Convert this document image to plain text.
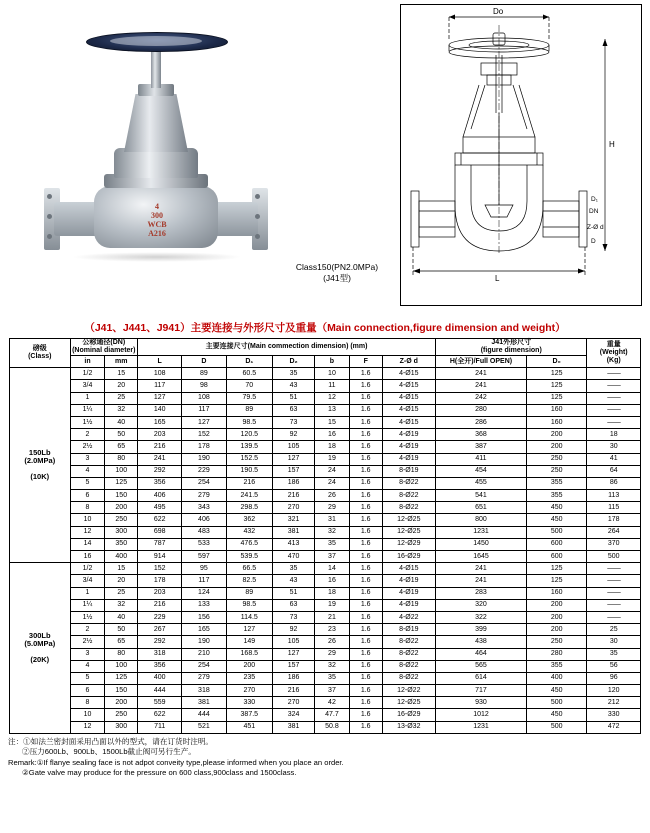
4
300
WCB
A216
Class150(PN2.0MPa)
(J41型)
Do
H
D₁
DN
Z-Ø d
D
L
（J41、J441、J941）主要连接与外形尺寸及重量（Main connection,figure dimension and weight）
磅级
(Class)

公称通径(DN)
(Nominal diameter)
	主要连接尺寸(Main commection dimension) (mm)	
J41外形尺寸
(figure dimension)

重量
(Weight)
(Kg)

	in	mm	L	D	D₁	D₂	b	F	Z-Ø d	H(全开)/Full OPEN)	D₀	

150Lb
(2.0MPa)

(10K)	1/2	15	108	89	60.5	35	10	1.6	4-Ø15	241	125	——
	3/4	20	117	98	70	43	11	1.6	4-Ø15	241	125	——
	1	25	127	108	79.5	51	12	1.6	4-Ø15	242	125	——
	1¼	32	140	117	89	63	13	1.6	4-Ø15	280	160	——
	1½	40	165	127	98.5	73	15	1.6	4-Ø15	286	160	——
	2	50	203	152	120.5	92	16	1.6	4-Ø19	368	200	18
	2½	65	216	178	139.5	105	18	1.6	4-Ø19	387	200	30
	3	80	241	190	152.5	127	19	1.6	4-Ø19	411	250	41
	4	100	292	229	190.5	157	24	1.6	8-Ø19	454	250	64
	5	125	356	254	216	186	24	1.6	8-Ø22	455	355	86
	6	150	406	279	241.5	216	26	1.6	8-Ø22	541	355	113
	8	200	495	343	298.5	270	29	1.6	8-Ø22	651	450	115
	10	250	622	406	362	321	31	1.6	12-Ø25	800	450	178
	12	300	698	483	432	381	32	1.6	12-Ø25	1231	500	264
	14	350	787	533	476.5	413	35	1.6	12-Ø29	1450	600	370
	16	400	914	597	539.5	470	37	1.6	16-Ø29	1645	600	500

300Lb
(5.0MPa)

(20K)	1/2	15	152	95	66.5	35	14	1.6	4-Ø15	241	125	——
	3/4	20	178	117	82.5	43	16	1.6	4-Ø19	241	125	——
	1	25	203	124	89	51	18	1.6	4-Ø19	283	160	——
	1¼	32	216	133	98.5	63	19	1.6	4-Ø19	320	200	——
	1½	40	229	156	114.5	73	21	1.6	4-Ø22	322	200	——
	2	50	267	165	127	92	23	1.6	8-Ø19	399	200	25
	2½	65	292	190	149	105	26	1.6	8-Ø22	438	250	30
	3	80	318	210	168.5	127	29	1.6	8-Ø22	464	280	35
	4	100	356	254	200	157	32	1.6	8-Ø22	565	355	56
	5	125	400	279	235	186	35	1.6	8-Ø22	614	400	96
	6	150	444	318	270	216	37	1.6	12-Ø22	717	450	120
	8	200	559	381	330	270	42	1.6	12-Ø25	930	500	212
	10	250	622	444	387.5	324	47.7	1.6	16-Ø29	1012	450	330
	12	300	711	521	451	381	50.8	1.6	13-Ø32	1231	500	472
注：①如法兰密封面采用凸面以外的型式，请在订货时注明。
②压力600Lb、900Lb、1500Lb截止阀可另行生产。
Remark:①If flanye sealing face is not adpot conveity type,please informed when you place an order.
②Gate valve may produce for the pressure on 600 class,900class and 1500class.
